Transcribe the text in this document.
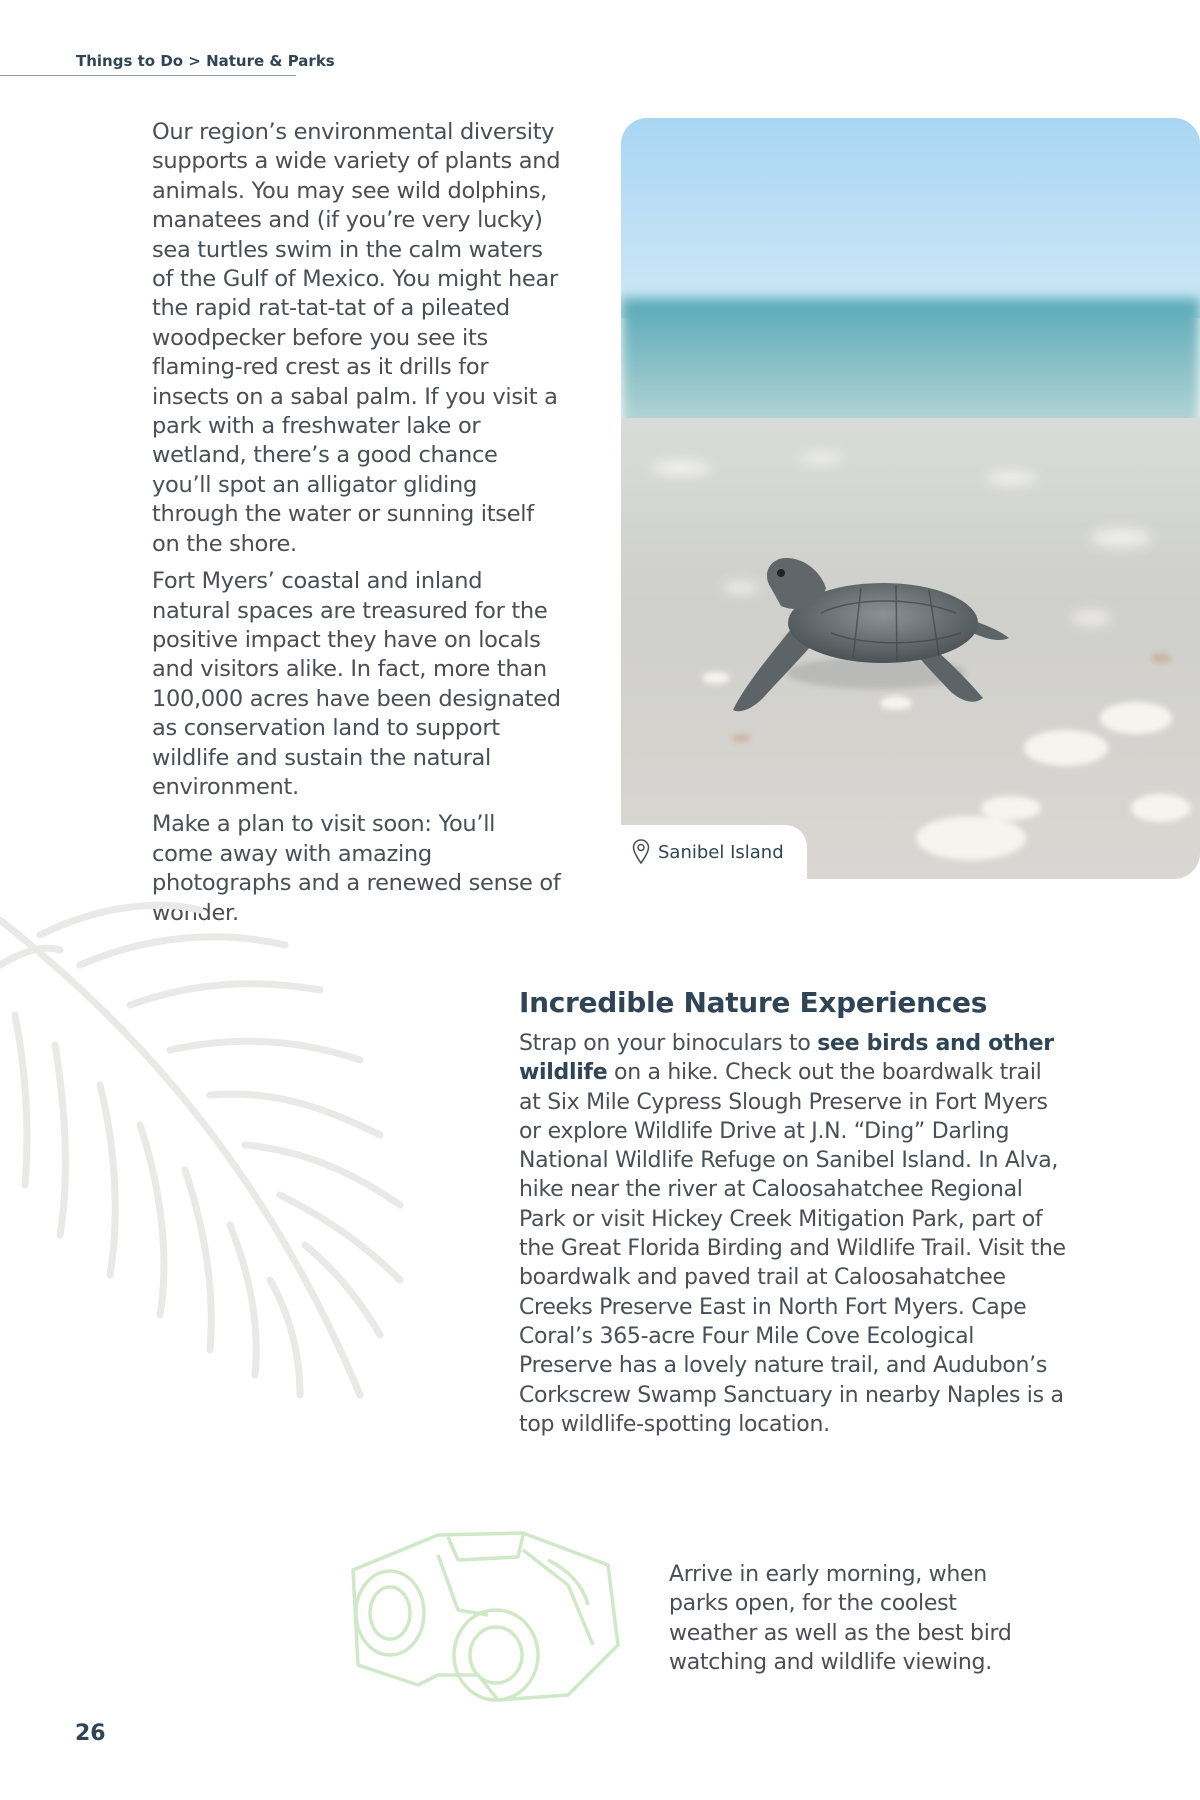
Things to Do > Nature & Parks

Our region’s environmental diversity supports a wide variety of plants and animals. You may see wild dolphins, manatees and (if you’re very lucky) sea turtles swim in the calm waters of the Gulf of Mexico. You might hear the rapid rat-tat-tat of a pileated woodpecker before you see its flaming-red crest as it drills for insects on a sabal palm. If you visit a park with a freshwater lake or wetland, there’s a good chance you’ll spot an alligator gliding through the water or sunning itself on the shore.

Fort Myers’ coastal and inland natural spaces are treasured for the positive impact they have on locals and visitors alike. In fact, more than 100,000 acres have been designated as conservation land to support wildlife and sustain the natural environment.

Make a plan to visit soon: You’ll come away with amazing photographs and a renewed sense of wonder.

Sanibel Island
Incredible Nature Experiences

Strap on your binoculars to see birds and other wildlife on a hike. Check out the boardwalk trail at Six Mile Cypress Slough Preserve in Fort Myers or explore Wildlife Drive at J.N. “Ding” Darling National Wildlife Refuge on Sanibel Island. In Alva, hike near the river at Caloosahatchee Regional Park or visit Hickey Creek Mitigation Park, part of the Great Florida Birding and Wildlife Trail. Visit the boardwalk and paved trail at Caloosahatchee Creeks Preserve East in North Fort Myers. Cape Coral’s 365-acre Four Mile Cove Ecological Preserve has a lovely nature trail, and Audubon’s Corkscrew Swamp Sanctuary in nearby Naples is a top wildlife-spotting location.

Arrive in early morning, when parks open, for the coolest weather as well as the best bird watching and wildlife viewing.
26
